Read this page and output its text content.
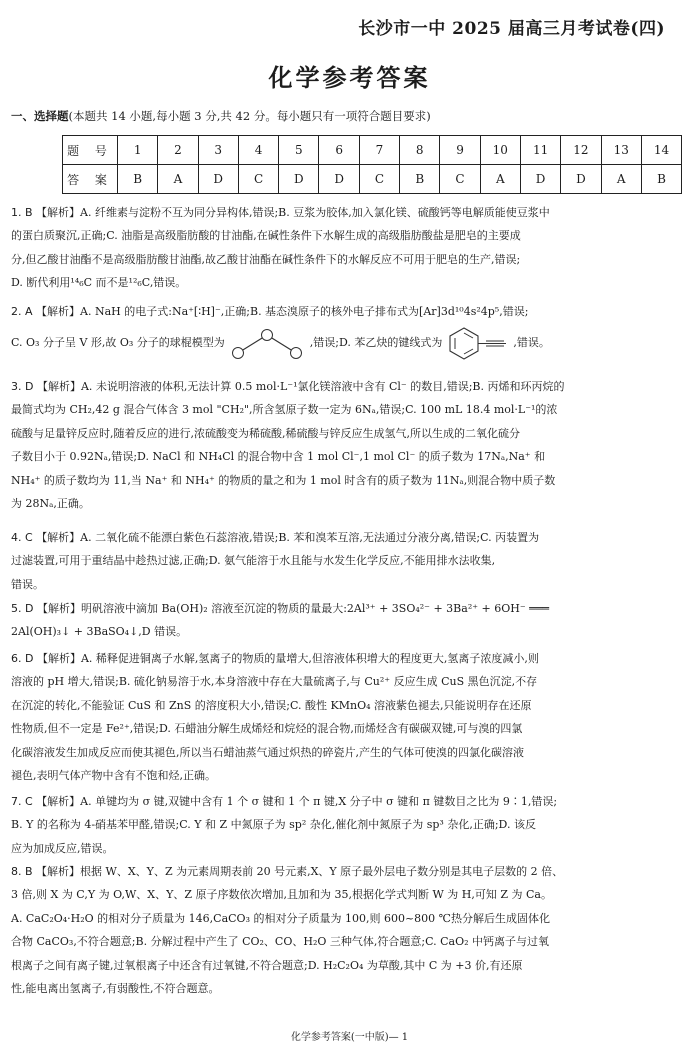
长沙市一中 2025 届高三月考试卷(四)
化学参考答案
一、选择题(本题共 14 小题,每小题 3 分,共 42 分。每小题只有一项符合题目要求)
题 号	1	2	3	4	5	6	7	8	9	10	11	12	13	14
答 案	B	A	D	C	D	D	C	B	C	A	D	D	A	B

1. B 【解析】A. 纤维素与淀粉不互为同分异构体,错误;B. 豆浆为胶体,加入氯化镁、硫酸钙等电解质能使豆浆中

的蛋白质聚沉,正确;C. 油脂是高级脂肪酸的甘油酯,在碱性条件下水解生成的高级脂肪酸盐是肥皂的主要成

分,但乙酸甘油酯不是高级脂肪酸甘油酯,故乙酸甘油酯在碱性条件下的水解反应不可用于肥皂的生产,错误;

D. 断代利用¹⁴₆C 而不是¹²₆C,错误。

2. A 【解析】A. NaH 的电子式:Na⁺[∶H]⁻,正确;B. 基态溴原子的核外电子排布式为[Ar]3d¹⁰4s²4p⁵,错误;

C. O₃ 分子呈 V 形,故 O₃ 分子的球棍模型为	,错误;D. 苯乙炔的键线式为	,错误。

3. D 【解析】A. 未说明溶液的体积,无法计算 0.5 mol·L⁻¹氯化镁溶液中含有 Cl⁻ 的数目,错误;B. 丙烯和环丙烷的

最简式均为 CH₂,42 g 混合气体含 3 mol "CH₂",所含氢原子数一定为 6Nₐ,错误;C. 100 mL 18.4 mol·L⁻¹的浓

硫酸与足量锌反应时,随着反应的进行,浓硫酸变为稀硫酸,稀硫酸与锌反应生成氢气,所以生成的二氧化硫分

子数目小于 0.92Nₐ,错误;D. NaCl 和 NH₄Cl 的混合物中含 1 mol Cl⁻,1 mol Cl⁻ 的质子数为 17Nₐ,Na⁺ 和

NH₄⁺ 的质子数均为 11,当 Na⁺ 和 NH₄⁺ 的物质的量之和为 1 mol 时含有的质子数为 11Nₐ,则混合物中质子数

为 28Nₐ,正确。

4. C 【解析】A. 二氧化硫不能漂白紫色石蕊溶液,错误;B. 苯和溴苯互溶,无法通过分液分离,错误;C. 丙装置为

过滤装置,可用于重结晶中趁热过滤,正确;D. 氨气能溶于水且能与水发生化学反应,不能用排水法收集,

错误。

5. D 【解析】明矾溶液中滴加 Ba(OH)₂ 溶液至沉淀的物质的量最大:2Al³⁺ + 3SO₄²⁻ + 3Ba²⁺ + 6OH⁻ ═══

2Al(OH)₃↓ + 3BaSO₄↓,D 错误。

6. D 【解析】A. 稀释促进铜离子水解,氢离子的物质的量增大,但溶液体积增大的程度更大,氢离子浓度减小,则

溶液的 pH 增大,错误;B. 硫化钠易溶于水,本身溶液中存在大量硫离子,与 Cu²⁺ 反应生成 CuS 黑色沉淀,不存

在沉淀的转化,不能验证 CuS 和 ZnS 的溶度积大小,错误;C. 酸性 KMnO₄ 溶液紫色褪去,只能说明存在还原

性物质,但不一定是 Fe²⁺,错误;D. 石蜡油分解生成烯烃和烷烃的混合物,而烯烃含有碳碳双键,可与溴的四氯

化碳溶液发生加成反应而使其褪色,所以当石蜡油蒸气通过炽热的碎瓷片,产生的气体可使溴的四氯化碳溶液

褪色,表明气体产物中含有不饱和烃,正确。

7. C 【解析】A. 单键均为 σ 键,双键中含有 1 个 σ 键和 1 个 π 键,X 分子中 σ 键和 π 键数目之比为 9∶1,错误;

B. Y 的名称为 4-硝基苯甲醛,错误;C. Y 和 Z 中氮原子为 sp² 杂化,催化剂中氮原子为 sp³ 杂化,正确;D. 该反

应为加成反应,错误。

8. B 【解析】根据 W、X、Y、Z 为元素周期表前 20 号元素,X、Y 原子最外层电子数分别是其电子层数的 2 倍、

3 倍,则 X 为 C,Y 为 O,W、X、Y、Z 原子序数依次增加,且加和为 35,根据化学式判断 W 为 H,可知 Z 为 Ca。

A. CaC₂O₄·H₂O 的相对分子质量为 146,CaCO₃ 的相对分子质量为 100,则 600~800 ℃热分解后生成固体化

合物 CaCO₃,不符合题意;B. 分解过程中产生了 CO₂、CO、H₂O 三种气体,符合题意;C. CaO₂ 中钙离子与过氧

根离子之间有离子键,过氧根离子中还含有过氧键,不符合题意;D. H₂C₂O₄ 为草酸,其中 C 为 +3 价,有还原

性,能电离出氢离子,有弱酸性,不符合题意。

化学参考答案(一中版)— 1
